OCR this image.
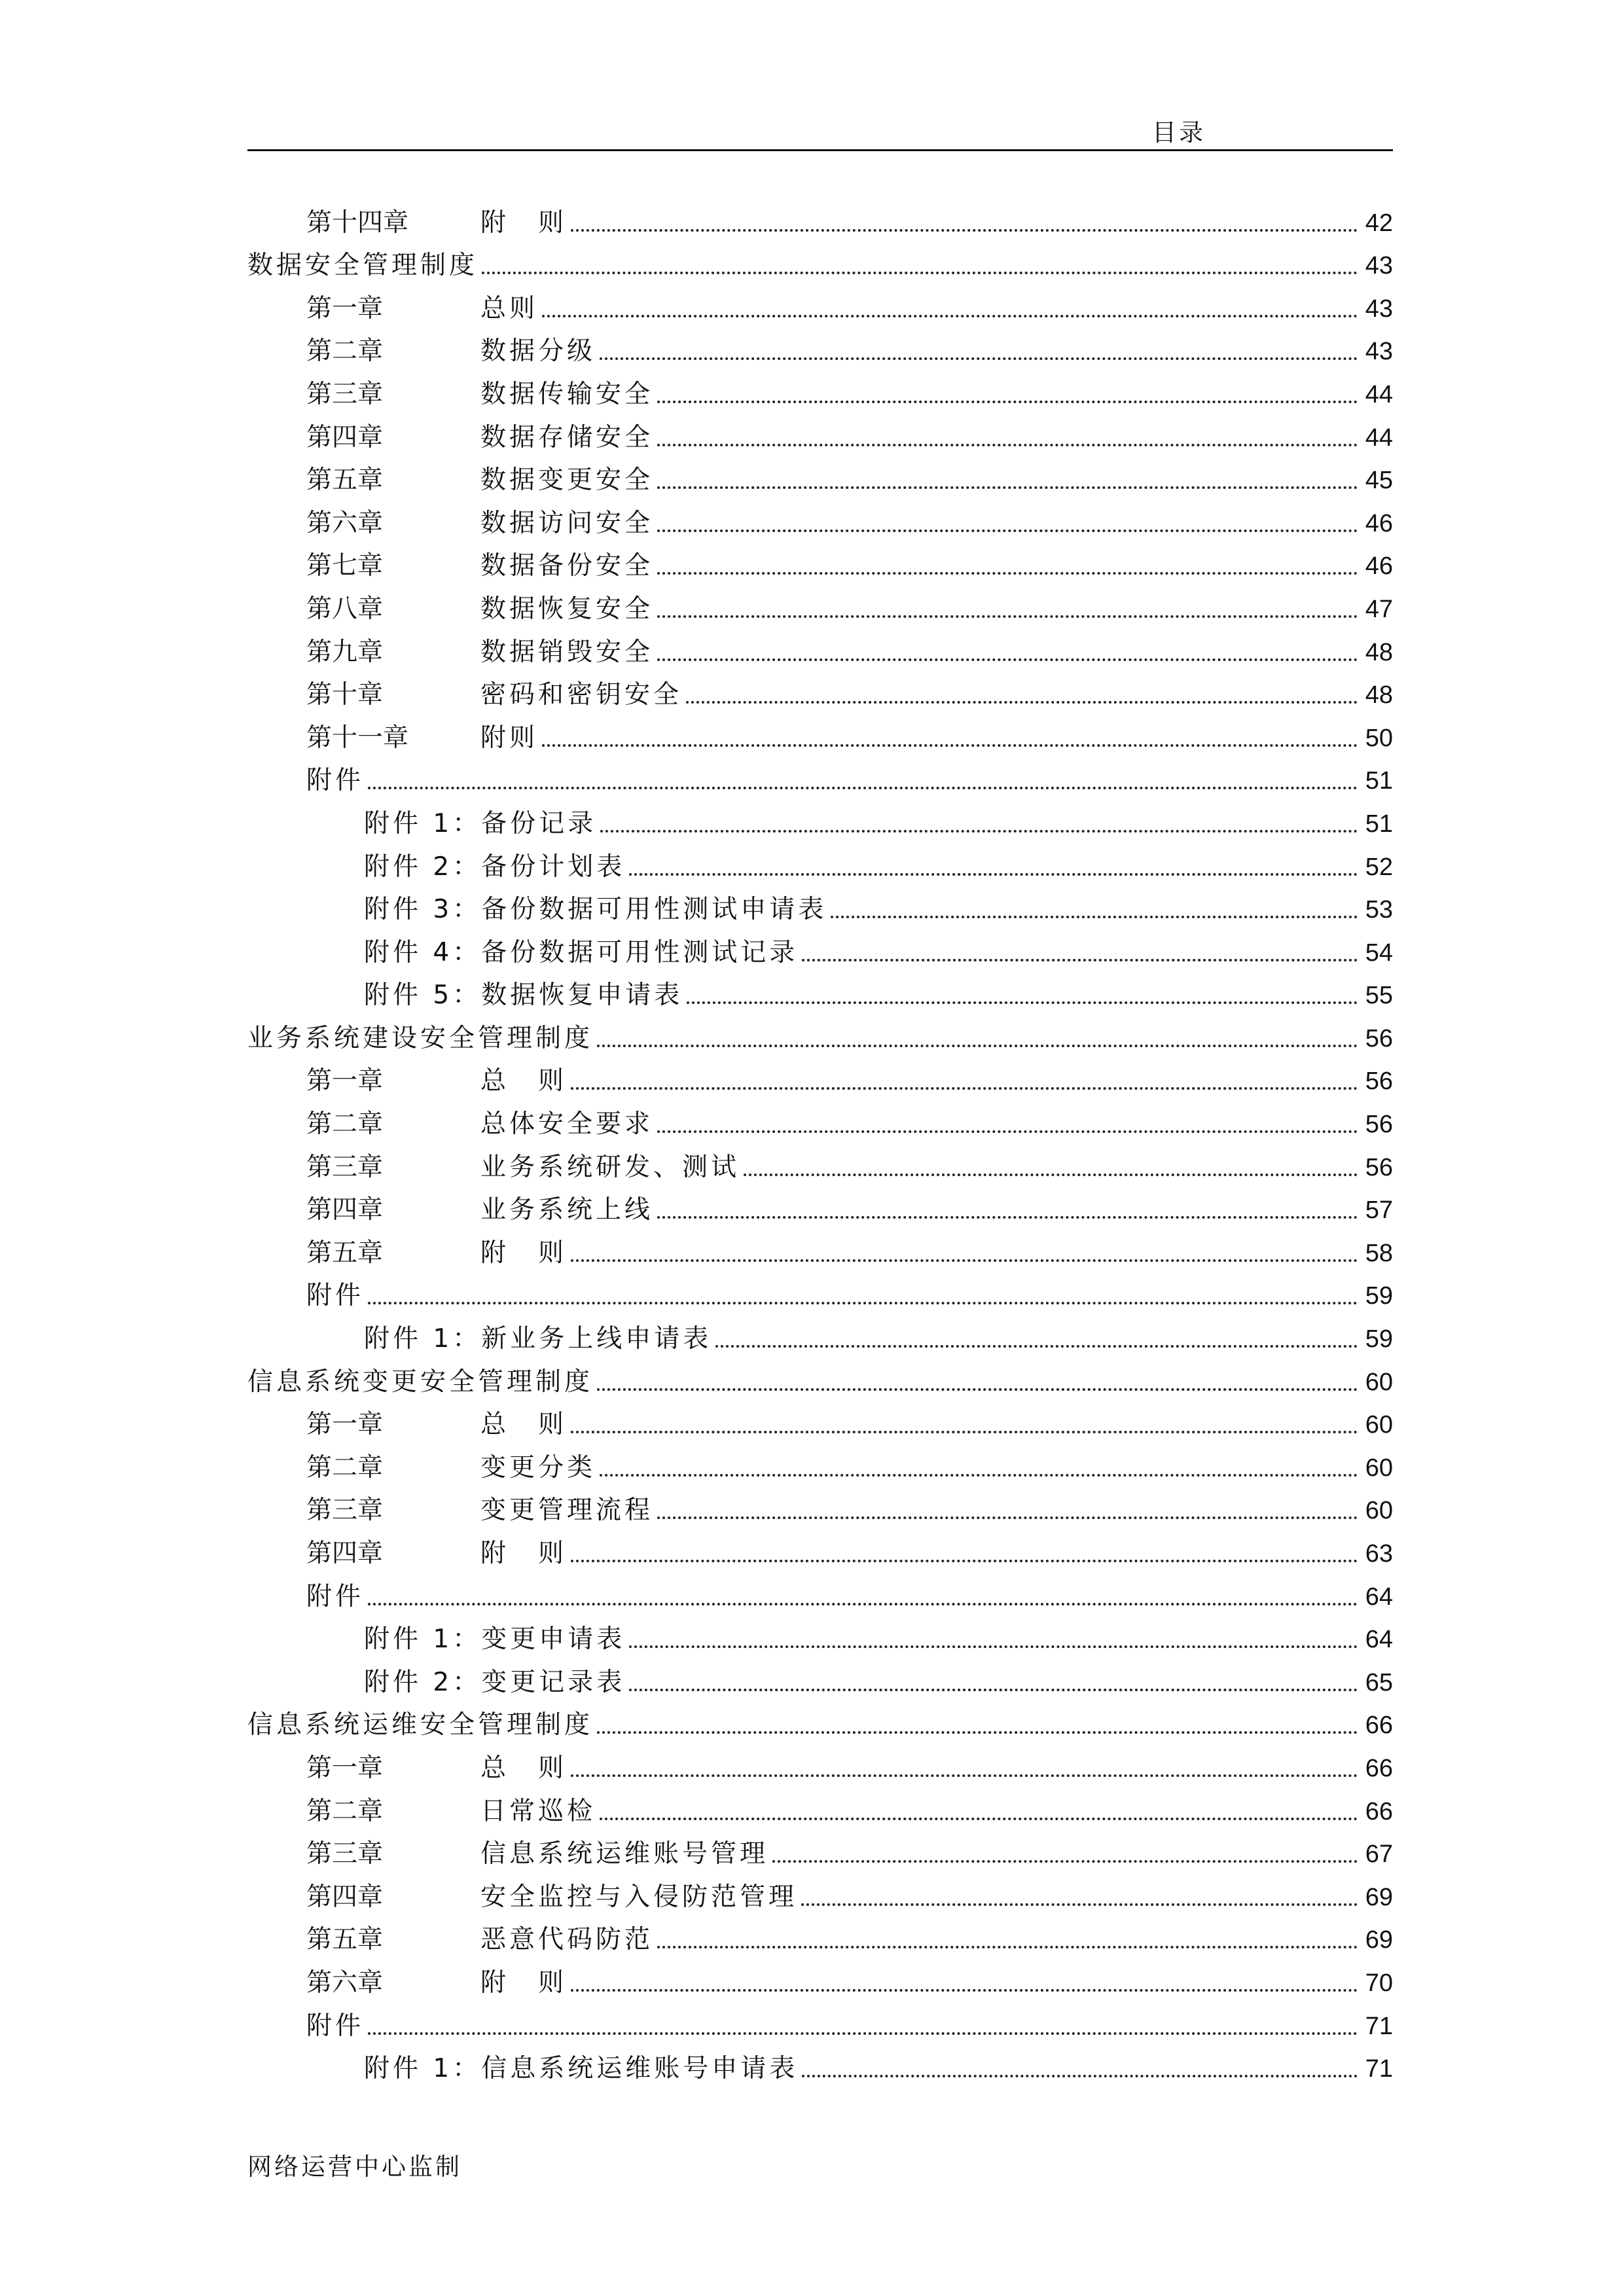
目录
第十四章	附　则	42
数据安全管理制度	43
第一章	总则	43
第二章	数据分级	43
第三章	数据传输安全	44
第四章	数据存储安全	44
第五章	数据变更安全	45
第六章	数据访问安全	46
第七章	数据备份安全	46
第八章	数据恢复安全	47
第九章	数据销毁安全	48
第十章	密码和密钥安全	48
第十一章	附则	50
附件	51
附件 1：备份记录	51
附件 2：备份计划表	52
附件 3：备份数据可用性测试申请表	53
附件 4：备份数据可用性测试记录	54
附件 5：数据恢复申请表	55
业务系统建设安全管理制度	56
第一章	总　则	56
第二章	总体安全要求	56
第三章	业务系统研发、测试	56
第四章	业务系统上线	57
第五章	附　则	58
附件	59
附件 1：新业务上线申请表	59
信息系统变更安全管理制度	60
第一章	总　则	60
第二章	变更分类	60
第三章	变更管理流程	60
第四章	附　则	63
附件	64
附件 1：变更申请表	64
附件 2：变更记录表	65
信息系统运维安全管理制度	66
第一章	总　则	66
第二章	日常巡检	66
第三章	信息系统运维账号管理	67
第四章	安全监控与入侵防范管理	69
第五章	恶意代码防范	69
第六章	附　则	70
附件	71
附件 1：信息系统运维账号申请表	71
网络运营中心监制
